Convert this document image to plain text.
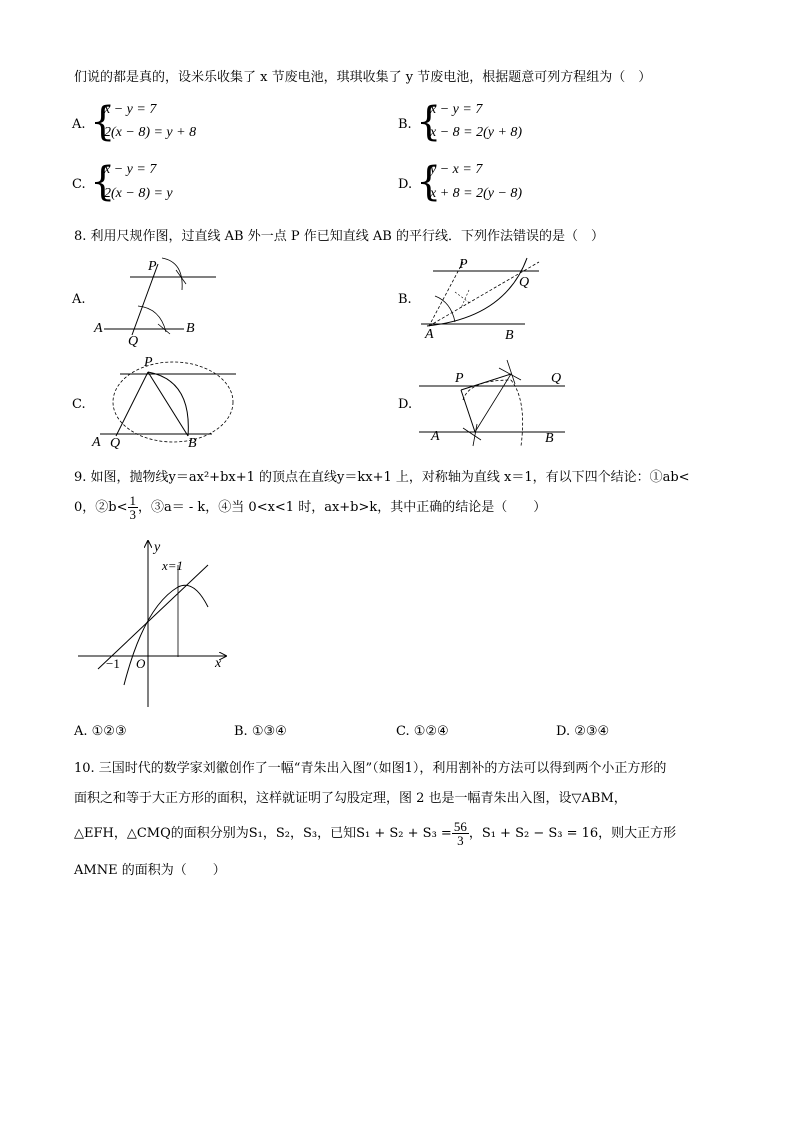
们说的都是真的，设米乐收集了 x 节废电池，琪琪收集了 y 节废电池，根据题意可列方程组为（　）
A. {
x − y = 7
2(x − 8) = y + 8
B. {
x − y = 7
x − 8 = 2(y + 8)
C. {
x − y = 7
2(x − 8) = y
D. {
y − x = 7
x + 8 = 2(y − 8)
8. 利用尺规作图，过直线 AB 外一点 P 作已知直线 AB 的平行线．下列作法错误的是（　）
A.
P
A	B
Q
B.
P
Q
A	B
C.
P
A Q	B
D.
P	Q
A	B
9. 如图，抛物线y＝ax²+bx+1 的顶点在直线y＝kx+1 上，对称轴为直线 x＝1，有以下四个结论：①ab<
0，②b< $\frac{1}{3}$ ，③a＝ - k，④当 0<x<1 时，ax+b>k，其中正确的结论是（　　）
y
x
x=1
O
−1
A. ①②③	B. ①③④	C. ①②④	D. ②③④
10. 三国时代的数学家刘徽创作了一幅“青朱出入图”（如图1），利用割补的方法可以得到两个小正方形的
面积之和等于大正方形的面积，这样就证明了勾股定理，图 2 也是一幅青朱出入图，设▽ABM，
△EFH，△CMQ的面积分别为S₁，S₂，S₃，已知$S_1 + S_2 + S_3 = \frac{56}{3}$ ，S₁ + S₂ − S₃ = 16，则大正方形
AMNE 的面积为（　　）
